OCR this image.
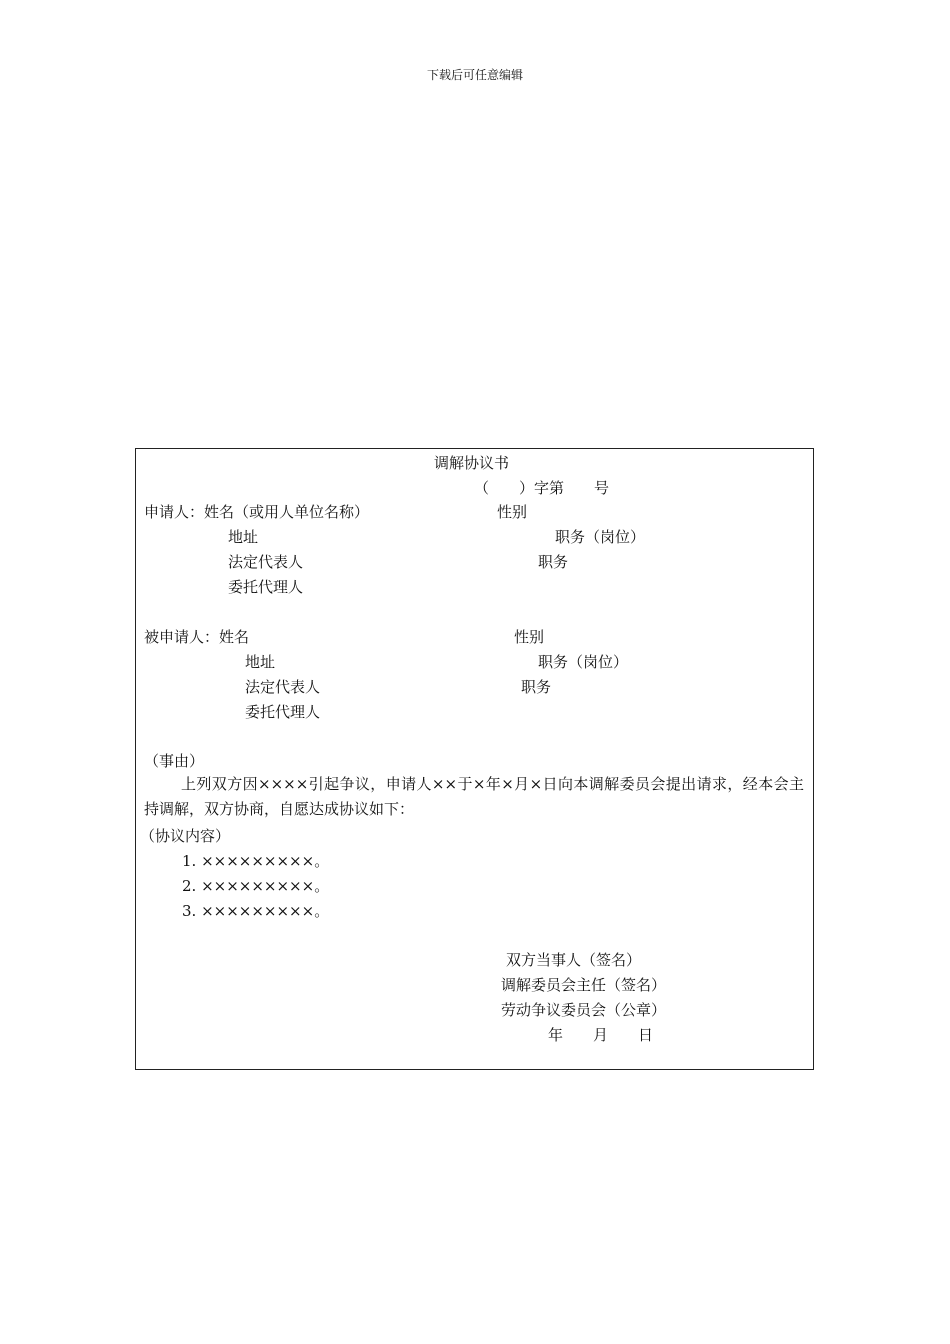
下载后可任意编辑
调解协议书
（　　）字第　　号
申请人：姓名（或用人单位名称）	性别
地址	职务（岗位）
法定代表人	职务
委托代理人
被申请人：姓名	性别
地址	职务（岗位）
法定代表人	职务
委托代理人
（事由）
上列双方因××××引起争议，申请人××于×年×月×日向本调解委员会提出请求，经本会主持调解，双方协商，自愿达成协议如下：
（协议内容）
1. ×××××××××。
2. ×××××××××。
3. ×××××××××。
双方当事人（签名）
调解委员会主任（签名）
劳动争议委员会（公章）
年　　月　　日
